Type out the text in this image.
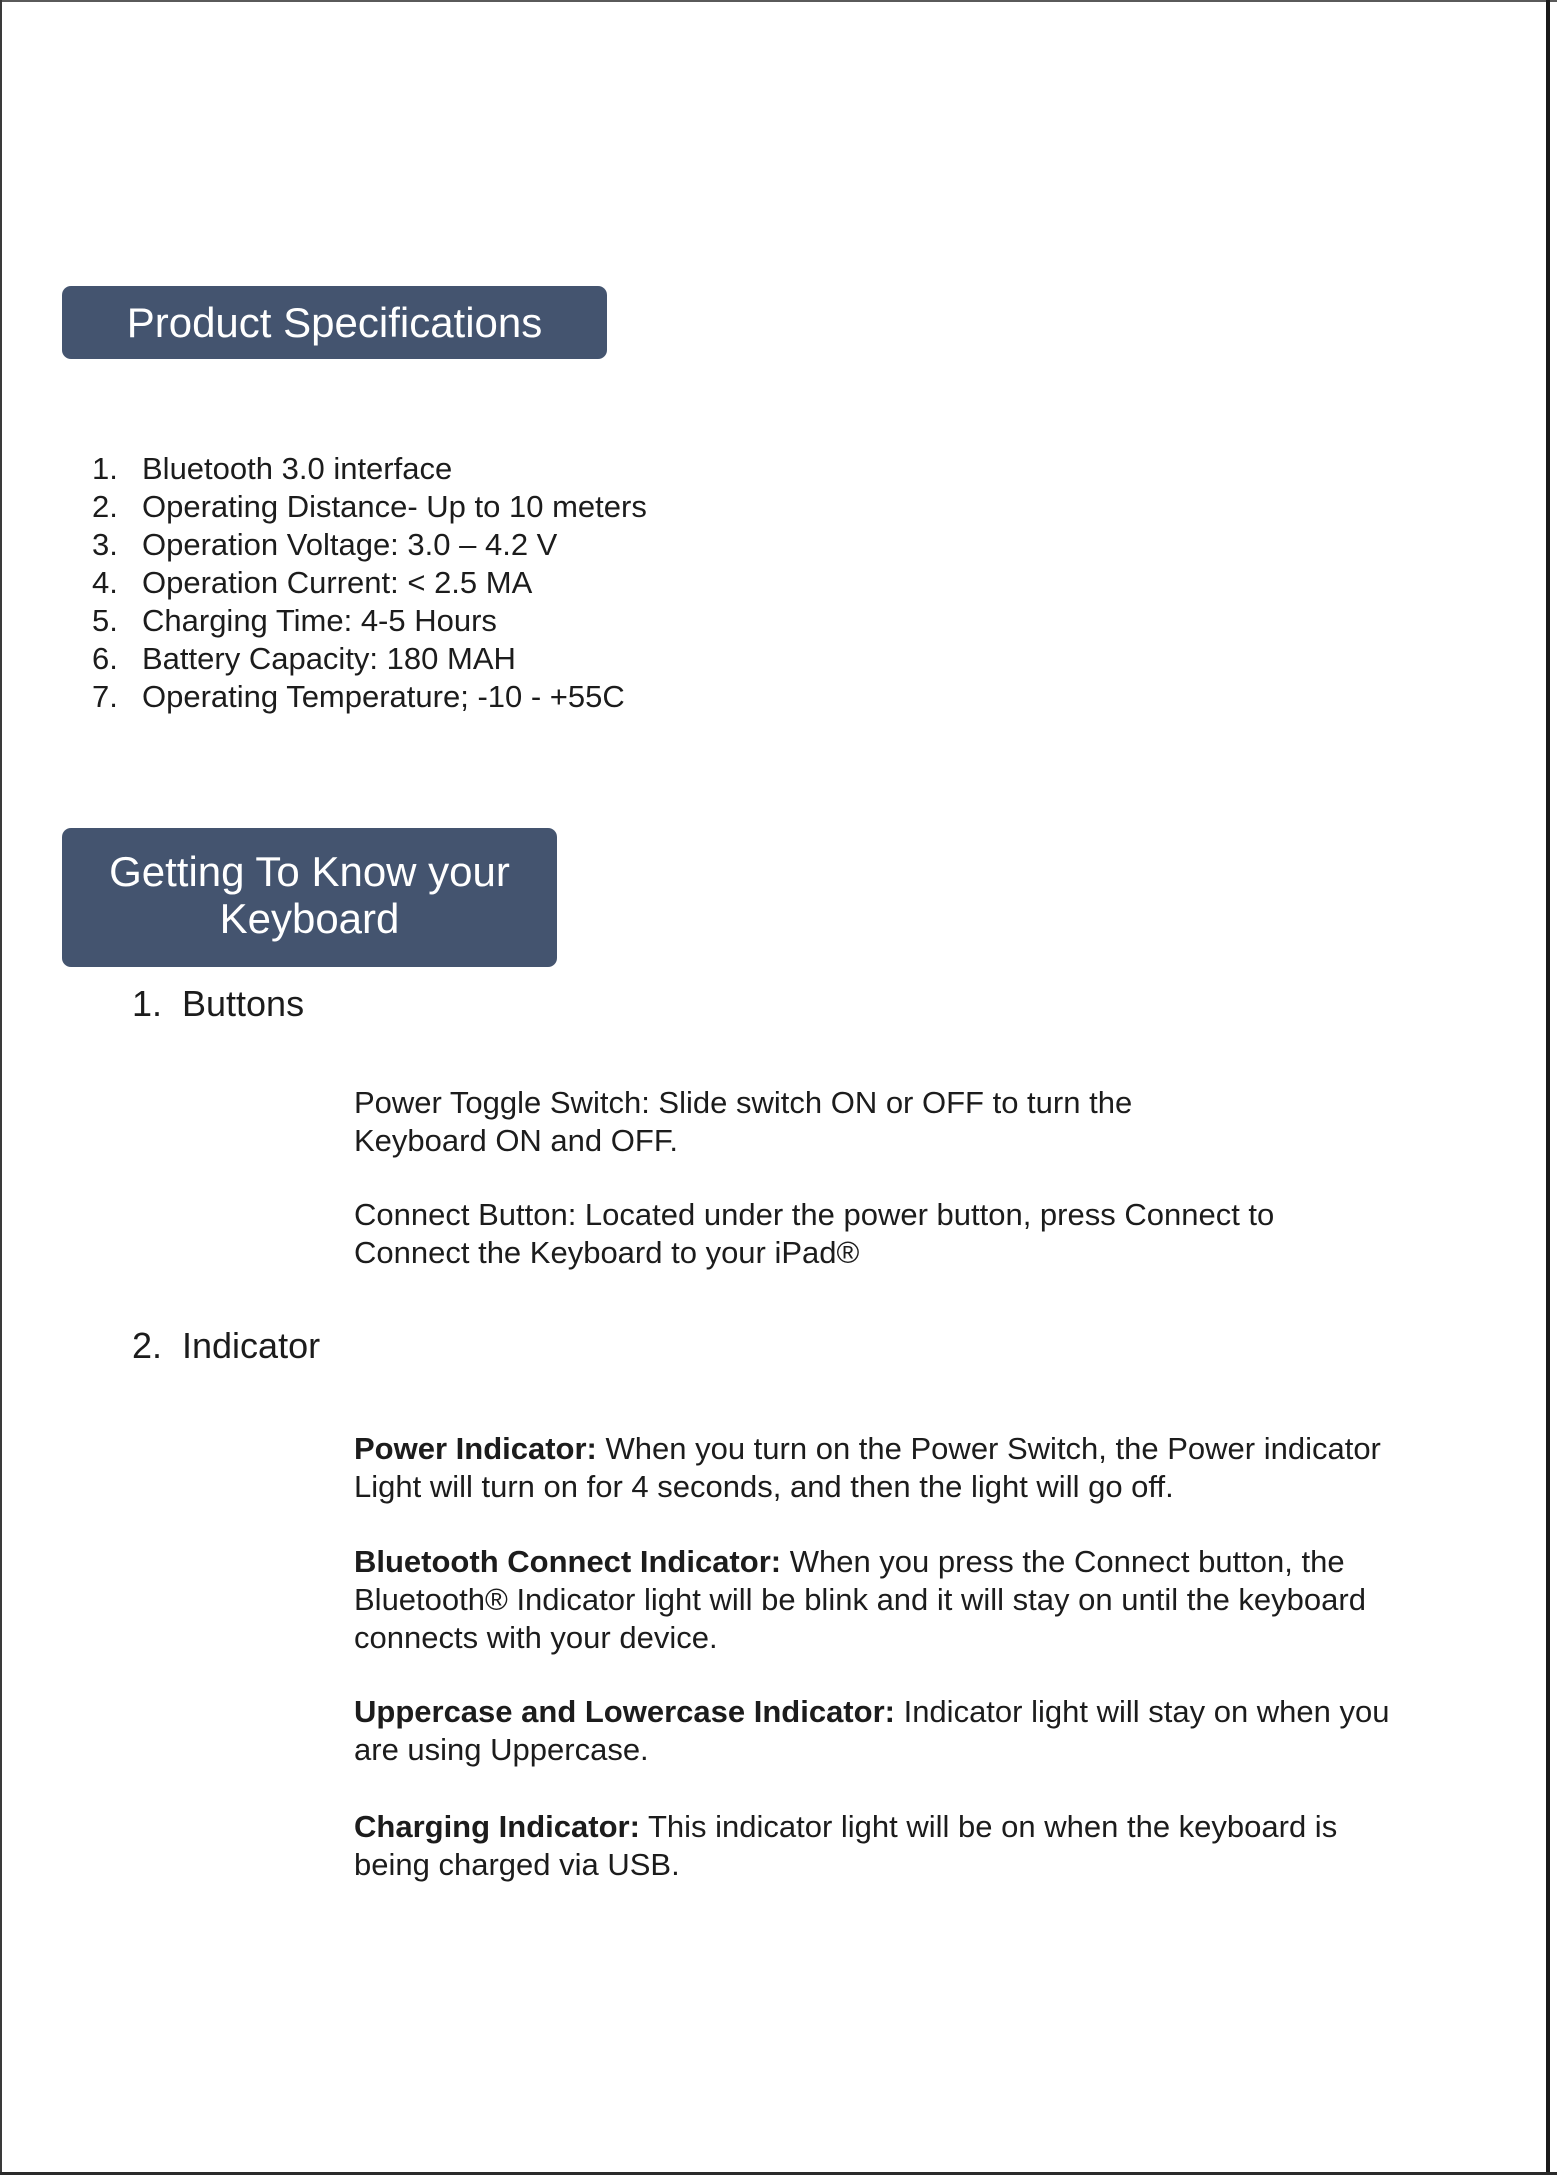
Product Specifications
1. Bluetooth 3.0 interface
2. Operating Distance- Up to 10 meters
3. Operation Voltage: 3.0 – 4.2 V
4. Operation Current: < 2.5 MA
5. Charging Time: 4-5 Hours
6. Battery Capacity: 180 MAH
7. Operating Temperature; -10 - +55C
Getting To Know your
Keyboard
1. Buttons

Power Toggle Switch: Slide switch ON or OFF to turn the Keyboard ON and OFF.

Connect Button: Located under the power button, press Connect to Connect the Keyboard to your iPad®

2. Indicator

Power Indicator: When you turn on the Power Switch, the Power indicator Light will turn on for 4 seconds, and then the light will go off.

Bluetooth Connect Indicator: When you press the Connect button, the Bluetooth® Indicator light will be blink and it will stay on until the keyboard connects with your device.

Uppercase and Lowercase Indicator: Indicator light will stay on when you are using Uppercase.

Charging Indicator: This indicator light will be on when the keyboard is being charged via USB.
